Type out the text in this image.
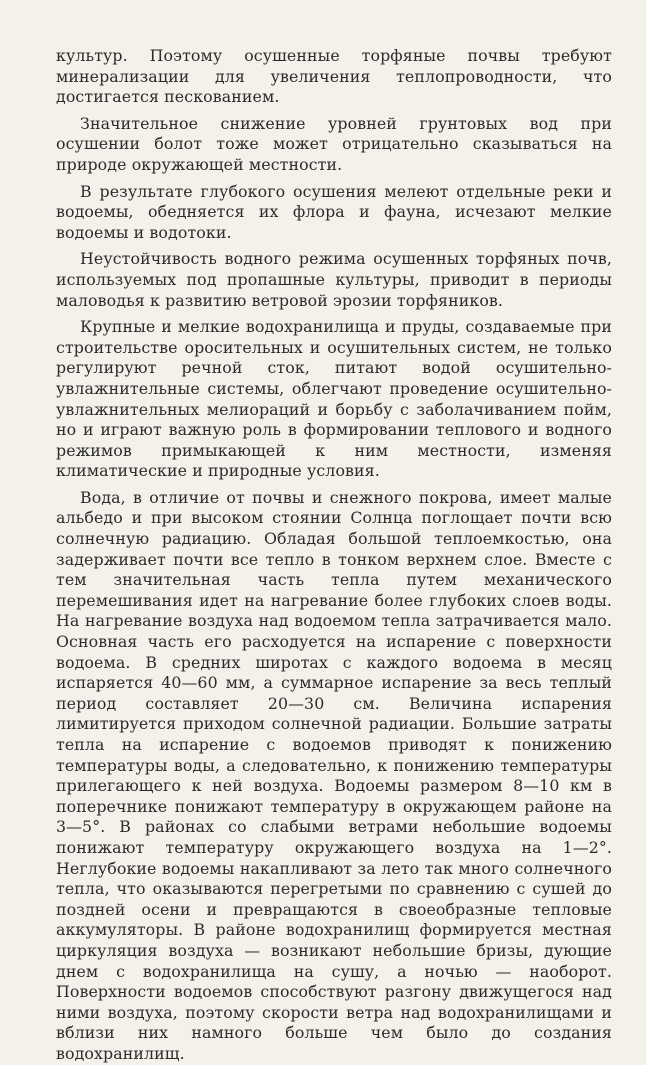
культур. Поэтому осушенные торфяные почвы требуют минерализации для увеличения теплопроводности, что достигается пескованием.

Значительное снижение уровней грунтовых вод при осушении болот тоже может отрицательно сказываться на природе окружающей местности.

В результате глубокого осушения мелеют отдельные реки и водоемы, обедняется их флора и фауна, исчезают мелкие водоемы и водотоки.

Неустойчивость водного режима осушенных торфяных почв, используемых под пропашные культуры, приводит в периоды маловодья к развитию ветровой эрозии торфяников.

Крупные и мелкие водохранилища и пруды, создаваемые при строительстве оросительных и осушительных систем, не только регулируют речной сток, питают водой осушительно-увлажнительные системы, облегчают проведение осушительно-увлажнительных мелиораций и борьбу с заболачиванием пойм, но и играют важную роль в формировании теплового и водного режимов примыкающей к ним местности, изменяя климатические и природные условия.

Вода, в отличие от почвы и снежного покрова, имеет малые альбедо и при высоком стоянии Солнца поглощает почти всю солнечную радиацию. Обладая большой теплоемкостью, она задерживает почти все тепло в тонком верхнем слое. Вместе с тем значительная часть тепла путем механического перемешивания идет на нагревание более глубоких слоев воды. На нагревание воздуха над водоемом тепла затрачивается мало. Основная часть его расходуется на испарение с поверхности водоема. В средних широтах с каждого водоема в месяц испаряется 40—60 мм, а суммарное испарение за весь теплый период составляет 20—30 см. Величина испарения лимитируется приходом солнечной радиации. Большие затраты тепла на испарение с водоемов приводят к понижению температуры воды, а следовательно, к понижению температуры прилегающего к ней воздуха. Водоемы размером 8—10 км в поперечнике понижают температуру в окружающем районе на 3—5°. В районах со слабыми ветрами небольшие водоемы понижают температуру окружающего воздуха на 1—2°. Неглубокие водоемы накапливают за лето так много солнечного тепла, что оказываются перегретыми по сравнению с сушей до поздней осени и превращаются в своеобразные тепловые аккумуляторы. В районе водохранилищ формируется местная циркуляция воздуха — возникают небольшие бризы, дующие днем с водохранилища на сушу, а ночью — наоборот. Поверхности водоемов способствуют разгону движущегося над ними воздуха, поэтому скорости ветра над водохранилищами и вблизи них намного больше чем было до создания водохранилищ.
